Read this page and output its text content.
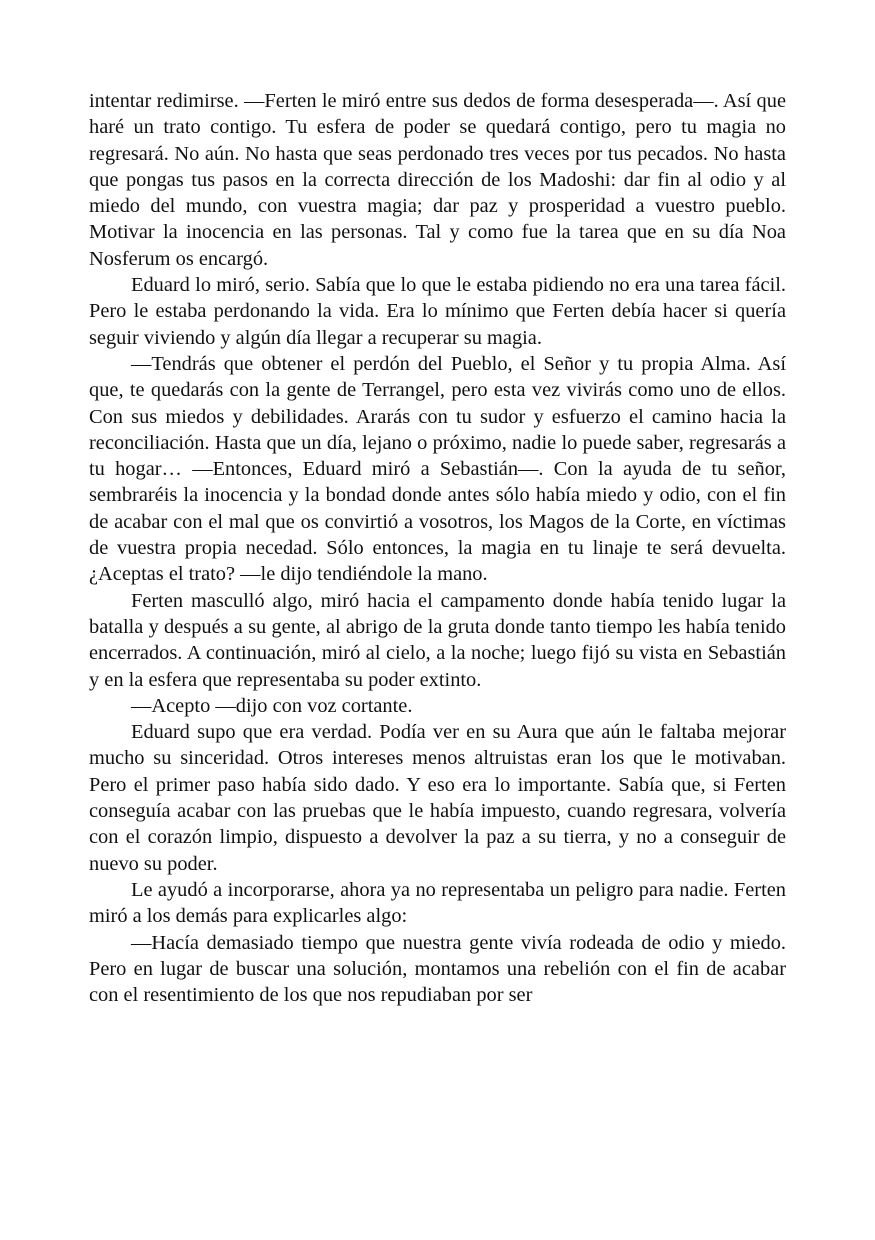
intentar redimirse. —Ferten le miró entre sus dedos de forma desesperada—. Así que haré un trato contigo. Tu esfera de poder se quedará contigo, pero tu magia no regresará. No aún. No hasta que seas perdonado tres veces por tus pecados. No hasta que pongas tus pasos en la correcta dirección de los Madoshi: dar fin al odio y al miedo del mundo, con vuestra magia; dar paz y prosperidad a vuestro pueblo. Motivar la inocencia en las personas. Tal y como fue la tarea que en su día Noa Nosferum os encargó.

Eduard lo miró, serio. Sabía que lo que le estaba pidiendo no era una tarea fácil. Pero le estaba perdonando la vida. Era lo mínimo que Ferten debía hacer si quería seguir viviendo y algún día llegar a recuperar su magia.

—Tendrás que obtener el perdón del Pueblo, el Señor y tu propia Alma. Así que, te quedarás con la gente de Terrangel, pero esta vez vivirás como uno de ellos. Con sus miedos y debilidades. Ararás con tu sudor y esfuerzo el camino hacia la reconciliación. Hasta que un día, lejano o próximo, nadie lo puede saber, regresarás a tu hogar… —Entonces, Eduard miró a Sebastián—. Con la ayuda de tu señor, sembraréis la inocencia y la bondad donde antes sólo había miedo y odio, con el fin de acabar con el mal que os convirtió a vosotros, los Magos de la Corte, en víctimas de vuestra propia necedad. Sólo entonces, la magia en tu linaje te será devuelta. ¿Aceptas el trato? —le dijo tendiéndole la mano.

Ferten masculló algo, miró hacia el campamento donde había tenido lugar la batalla y después a su gente, al abrigo de la gruta donde tanto tiempo les había tenido encerrados. A continuación, miró al cielo, a la noche; luego fijó su vista en Sebastián y en la esfera que representaba su poder extinto.

—Acepto —dijo con voz cortante.

Eduard supo que era verdad. Podía ver en su Aura que aún le faltaba mejorar mucho su sinceridad. Otros intereses menos altruistas eran los que le motivaban. Pero el primer paso había sido dado. Y eso era lo importante. Sabía que, si Ferten conseguía acabar con las pruebas que le había impuesto, cuando regresara, volvería con el corazón limpio, dispuesto a devolver la paz a su tierra, y no a conseguir de nuevo su poder.

Le ayudó a incorporarse, ahora ya no representaba un peligro para nadie. Ferten miró a los demás para explicarles algo:

—Hacía demasiado tiempo que nuestra gente vivía rodeada de odio y miedo. Pero en lugar de buscar una solución, montamos una rebelión con el fin de acabar con el resentimiento de los que nos repudiaban por ser
